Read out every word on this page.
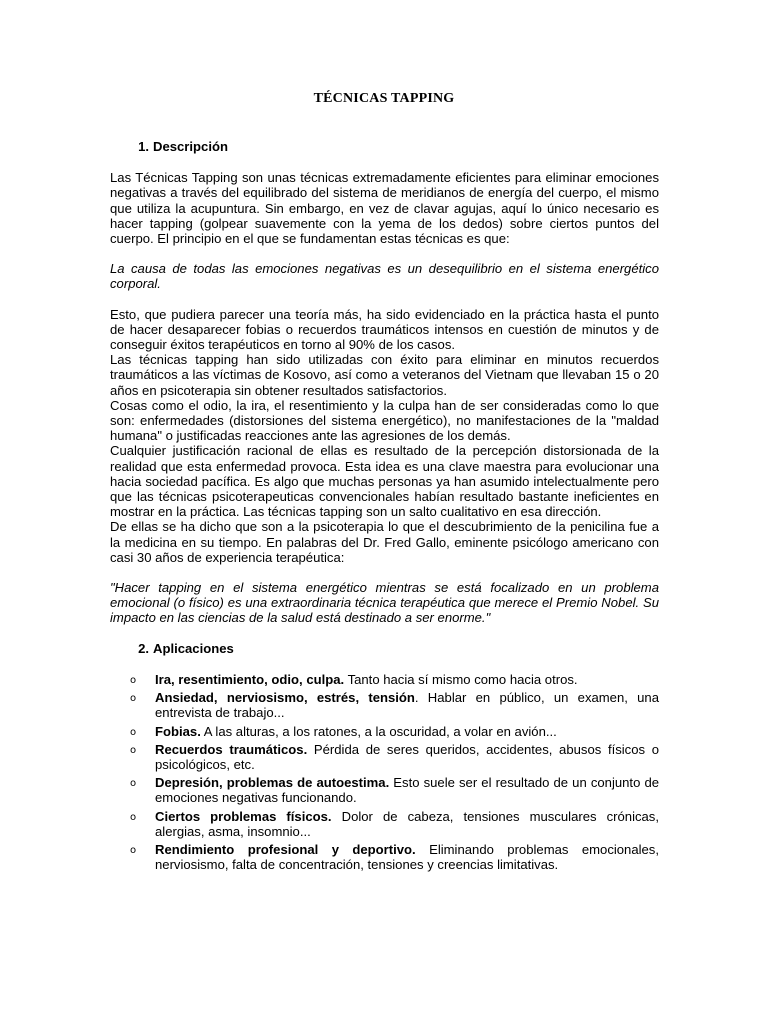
TÉCNICAS TAPPING
1. Descripción

Las Técnicas Tapping son unas técnicas extremadamente eficientes para eliminar emociones negativas a través del equilibrado del sistema de meridianos de energía del cuerpo, el mismo que utiliza la acupuntura. Sin embargo, en vez de clavar agujas, aquí lo único necesario es hacer tapping (golpear suavemente con la yema de los dedos) sobre ciertos puntos del cuerpo. El principio en el que se fundamentan estas técnicas es que:

La causa de todas las emociones negativas es un desequilibrio en el sistema energético corporal.

Esto, que pudiera parecer una teoría más, ha sido evidenciado en la práctica hasta el punto de hacer desaparecer fobias o recuerdos traumáticos intensos en cuestión de minutos y de conseguir éxitos terapéuticos en torno al 90% de los casos.

Las técnicas tapping han sido utilizadas con éxito para eliminar en minutos recuerdos traumáticos a las víctimas de Kosovo, así como a veteranos del Vietnam que llevaban 15 o 20 años en psicoterapia sin obtener resultados satisfactorios.

Cosas como el odio, la ira, el resentimiento y la culpa han de ser consideradas como lo que son: enfermedades (distorsiones del sistema energético), no manifestaciones de la "maldad humana" o justificadas reacciones ante las agresiones de los demás.

Cualquier justificación racional de ellas es resultado de la percepción distorsionada de la realidad que esta enfermedad provoca. Esta idea es una clave maestra para evolucionar una hacia sociedad pacífica. Es algo que muchas personas ya han asumido intelectualmente pero que las técnicas psicoterapeuticas convencionales habían resultado bastante ineficientes en mostrar en la práctica. Las técnicas tapping son un salto cualitativo en esa dirección.

De ellas se ha dicho que son a la psicoterapia lo que el descubrimiento de la penicilina fue a la medicina en su tiempo. En palabras del Dr. Fred Gallo, eminente psicólogo americano con casi 30 años de experiencia terapéutica:

"Hacer tapping en el sistema energético mientras se está focalizado en un problema emocional (o físico) es una extraordinaria técnica terapéutica que merece el Premio Nobel. Su impacto en las ciencias de la salud está destinado a ser enorme."

2. Aplicaciones
o Ira, resentimiento, odio, culpa. Tanto hacia sí mismo como hacia otros.
o Ansiedad, nerviosismo, estrés, tensión. Hablar en público, un examen, una entrevista de trabajo...
o Fobias. A las alturas, a los ratones, a la oscuridad, a volar en avión...
o Recuerdos traumáticos. Pérdida de seres queridos, accidentes, abusos físicos o psicológicos, etc.
o Depresión, problemas de autoestima. Esto suele ser el resultado de un conjunto de emociones negativas funcionando.
o Ciertos problemas físicos. Dolor de cabeza, tensiones musculares crónicas, alergias, asma, insomnio...
o Rendimiento profesional y deportivo. Eliminando problemas emocionales, nerviosismo, falta de concentración, tensiones y creencias limitativas.
